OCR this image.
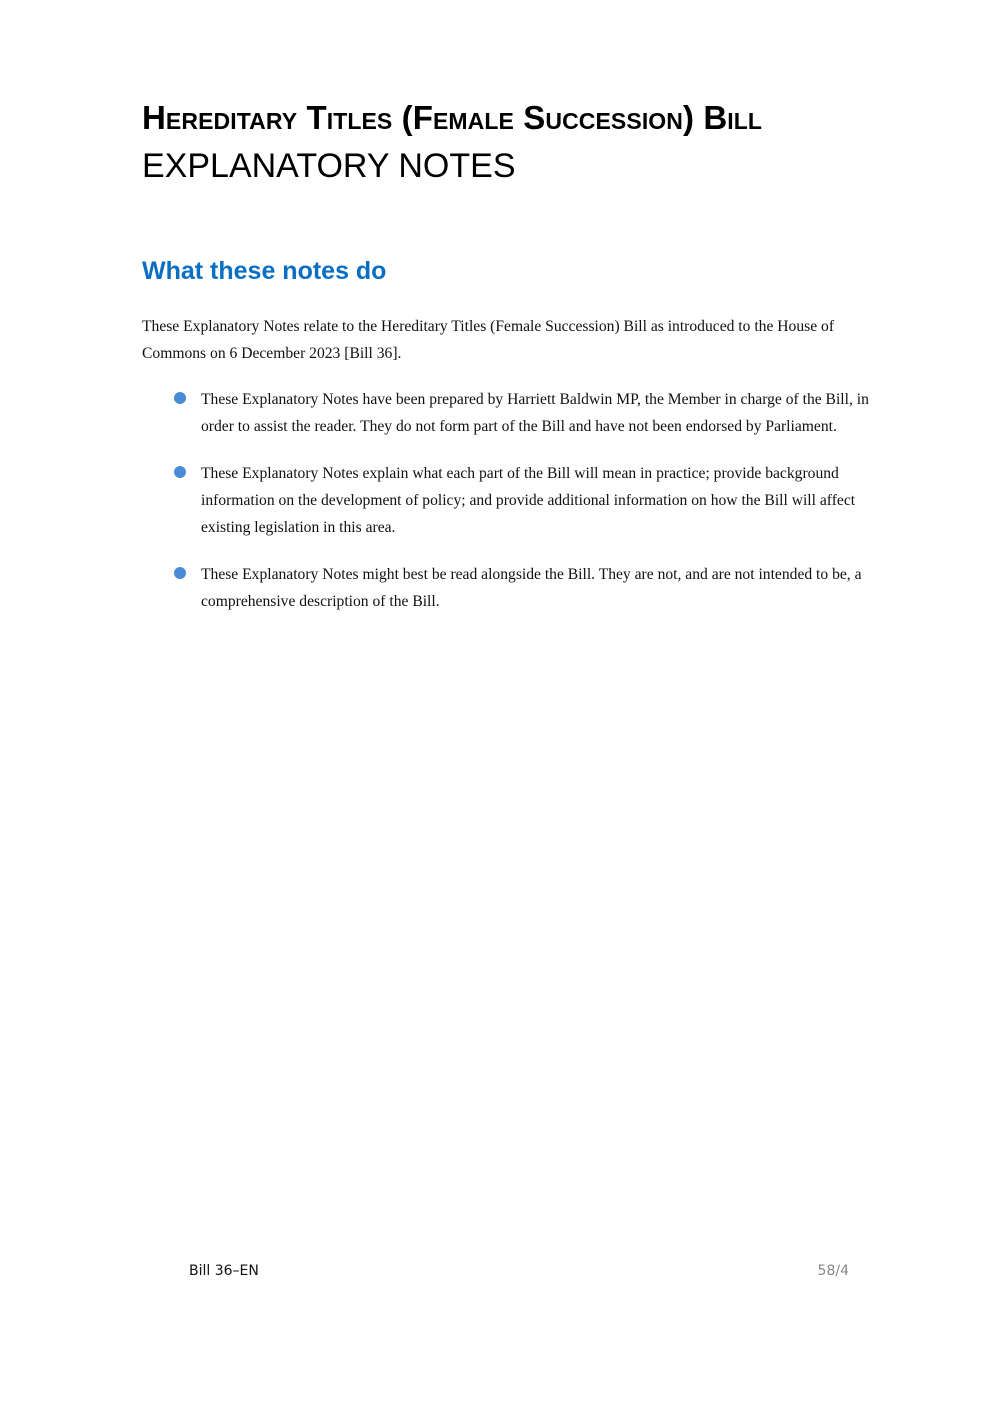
Hereditary Titles (Female Succession) Bill
EXPLANATORY NOTES
What these notes do

These Explanatory Notes relate to the Hereditary Titles (Female Succession) Bill as introduced to the House of Commons on 6 December 2023 [Bill 36].

These Explanatory Notes have been prepared by Harriett Baldwin MP, the Member in charge of the Bill, in order to assist the reader. They do not form part of the Bill and have not been endorsed by Parliament.
These Explanatory Notes explain what each part of the Bill will mean in practice; provide background information on the development of policy; and provide additional information on how the Bill will affect existing legislation in this area.
These Explanatory Notes might best be read alongside the Bill. They are not, and are not intended to be, a comprehensive description of the Bill.

Bill 36–EN	58/4
